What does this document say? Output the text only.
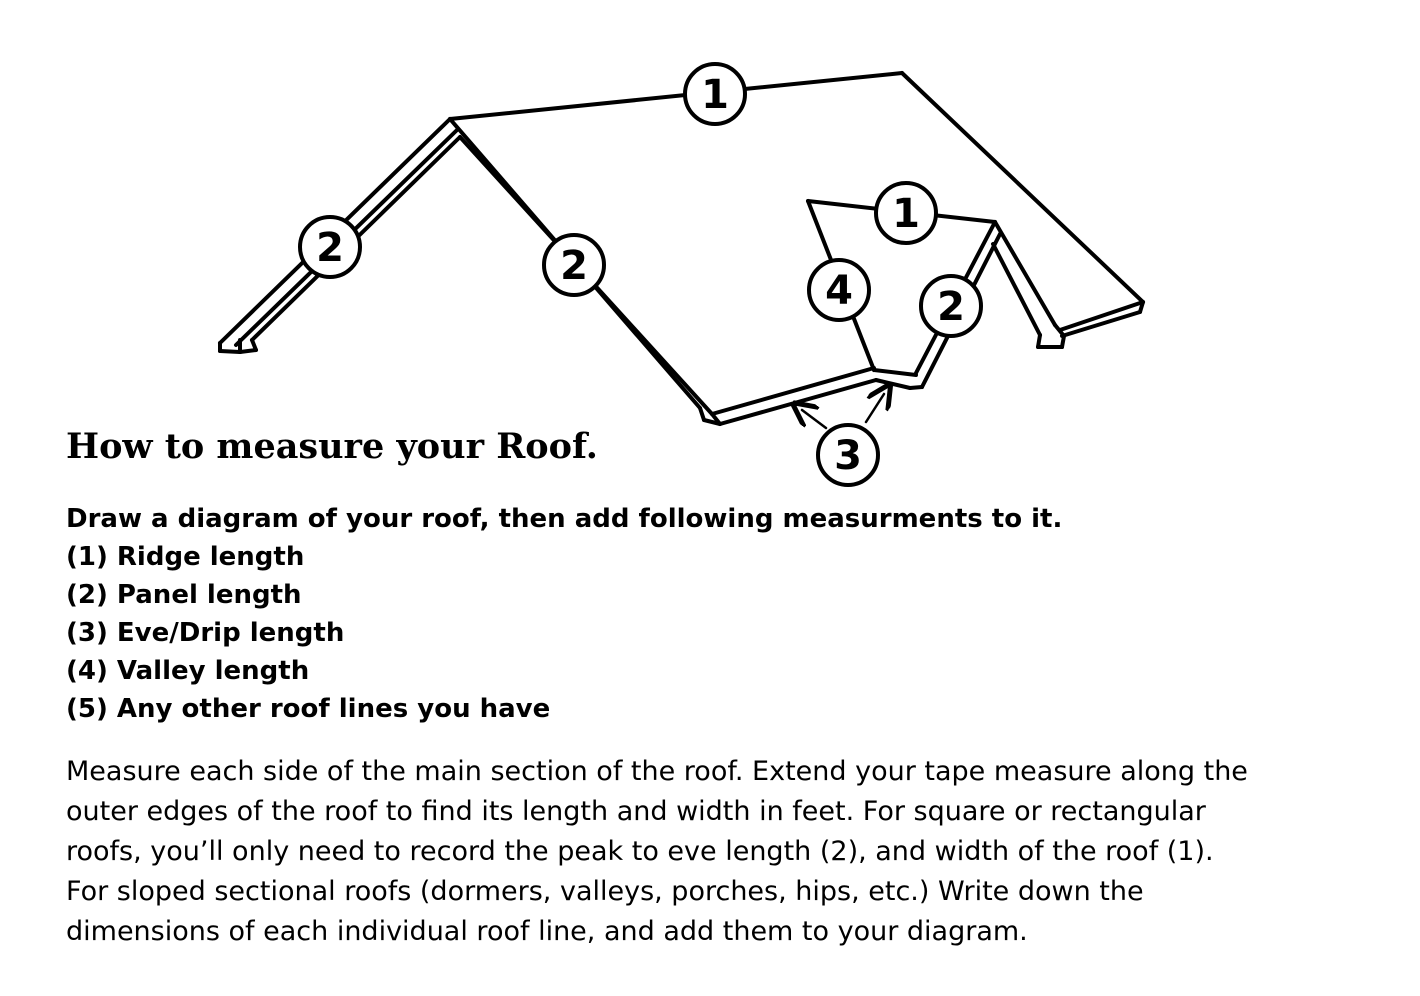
1
1
2	2
2
4
3
How to measure your Roof.
Draw a diagram of your roof, then add following measurments to it.
(1) Ridge length
(2) Panel length
(3) Eve/Drip length
(4) Valley length
(5) Any other roof lines you have
Measure each side of the main section of the roof. Extend your tape measure along the
outer edges of the roof to find its length and width in feet. For square or rectangular
roofs, you’ll only need to record the peak to eve length (2), and width of the roof (1).
For sloped sectional roofs (dormers, valleys, porches, hips, etc.) Write down the
dimensions of each individual roof line, and add them to your diagram.
